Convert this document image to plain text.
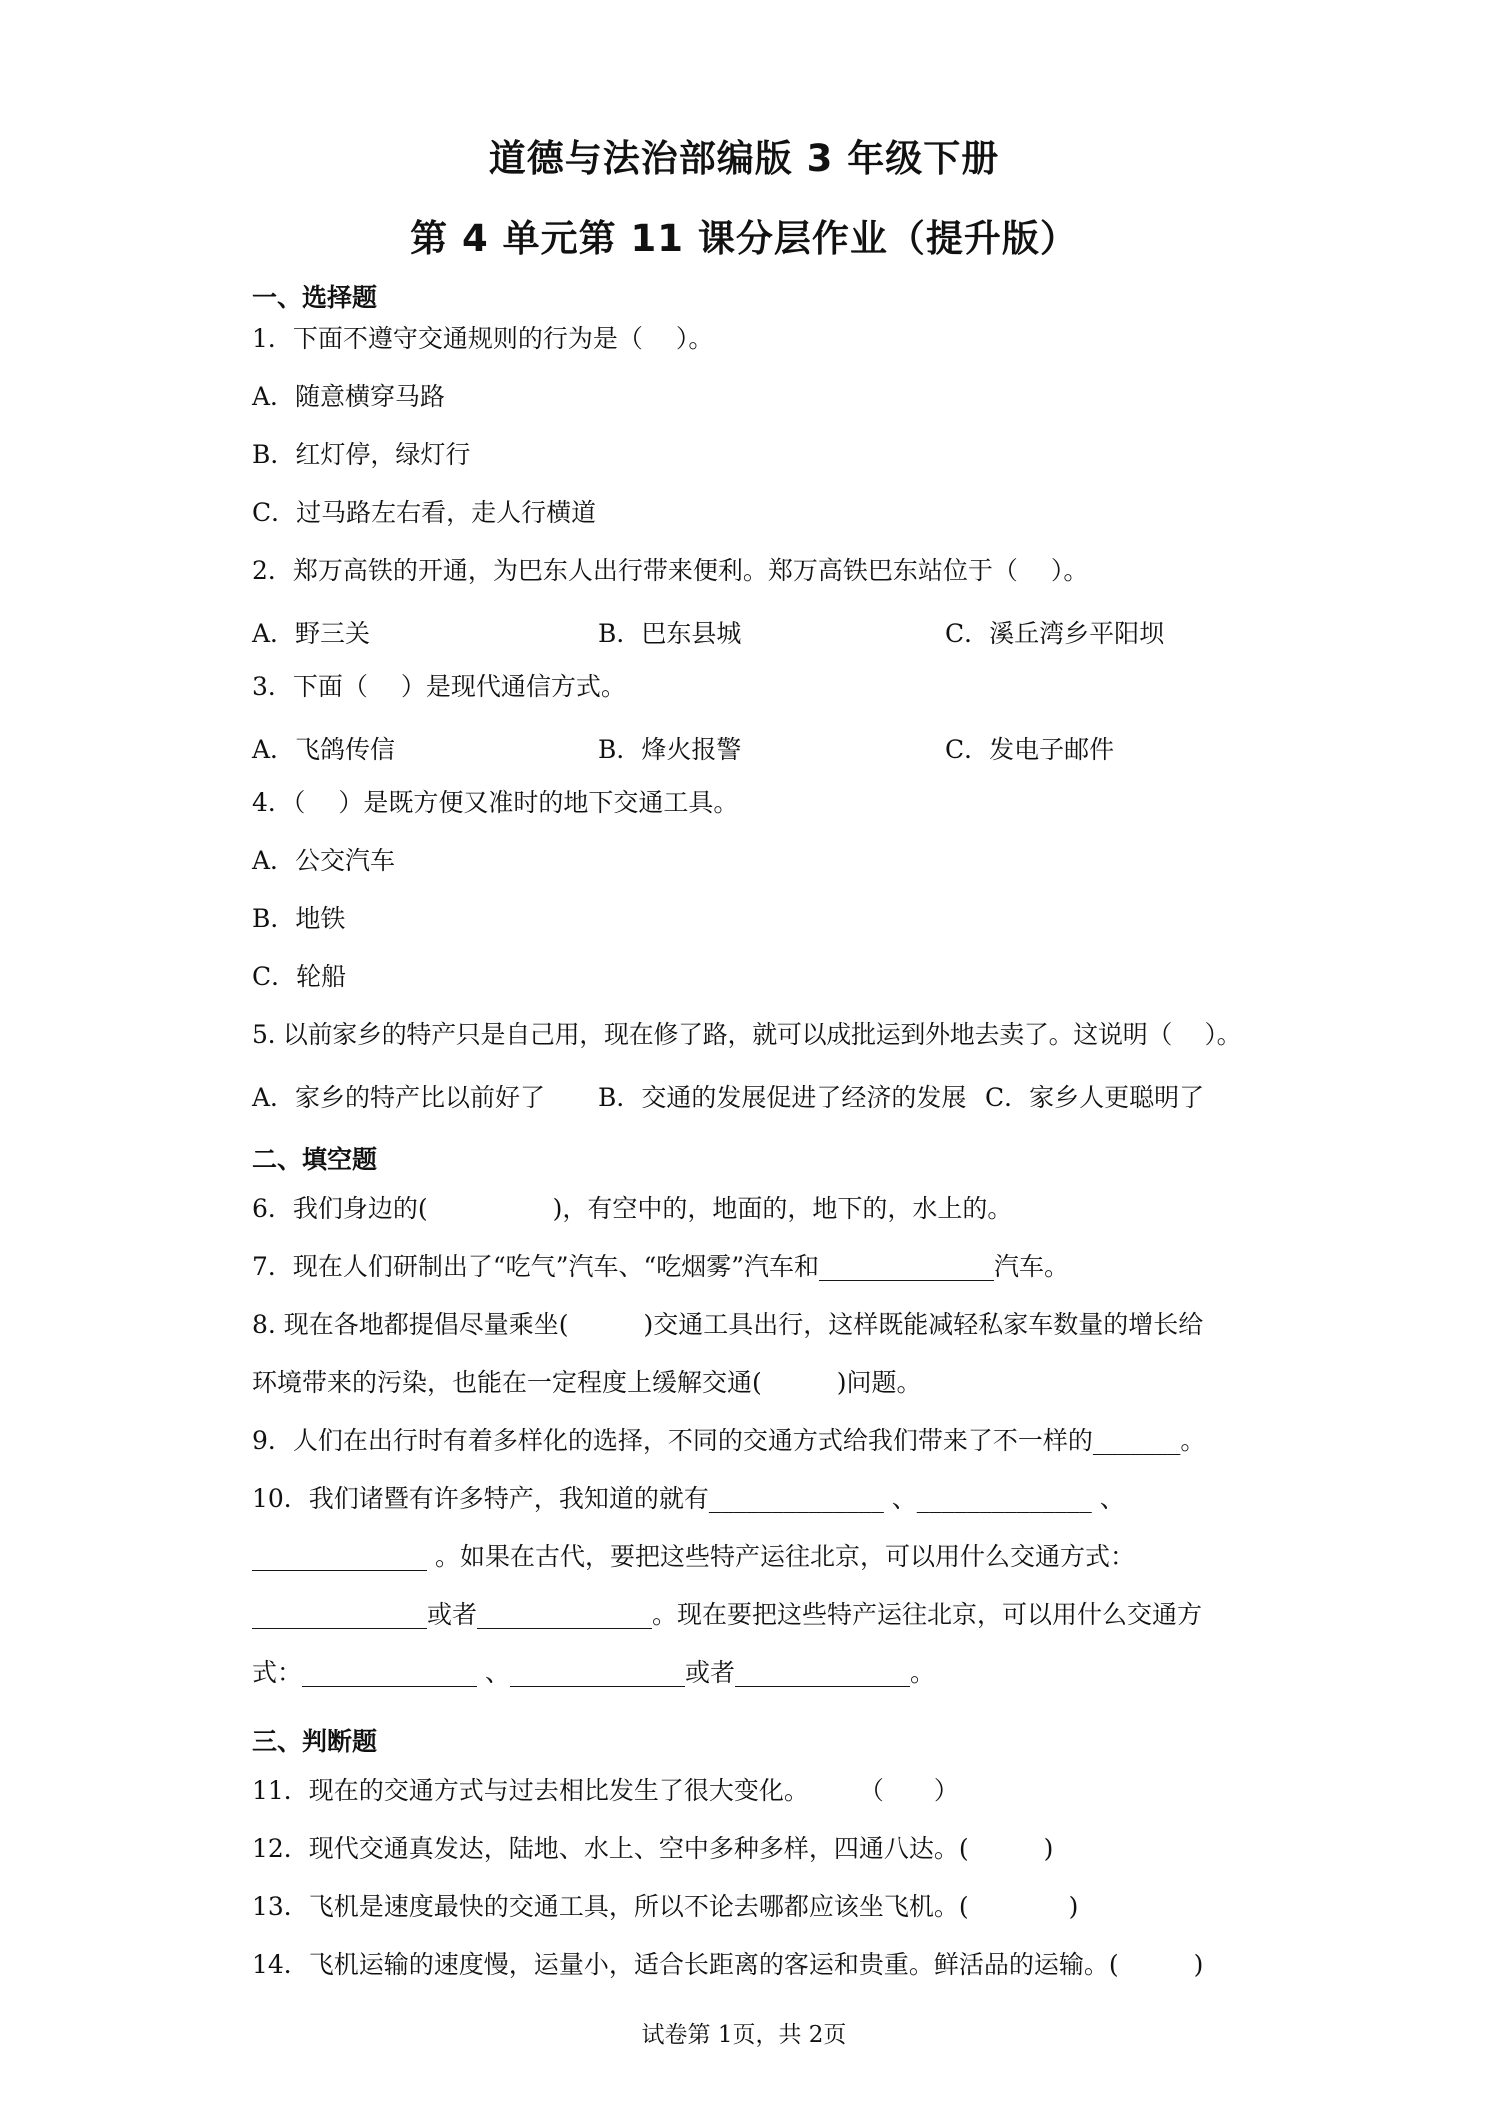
道德与法治部编版 3 年级下册
第 4 单元第 11 课分层作业（提升版）
一、选择题
1．下面不遵守交通规则的行为是（　 ）。
A．随意横穿马路
B．红灯停，绿灯行
C．过马路左右看，走人行横道
2．郑万高铁的开通，为巴东人出行带来便利。郑万高铁巴东站位于（　 ）。
A．野三关	B．巴东县城	C．溪丘湾乡平阳坝
3．下面（　 ）是现代通信方式。
A．飞鸽传信	B．烽火报警	C．发电子邮件
4．（　 ）是既方便又准时的地下交通工具。
A．公交汽车
B．地铁
C．轮船
5. 以前家乡的特产只是自己用，现在修了路，就可以成批运到外地去卖了。这说明（　 ）。
A．家乡的特产比以前好了 B．交通的发展促进了经济的发展 C．家乡人更聪明了
二、填空题
6．我们身边的(　　　　　)，有空中的，地面的，地下的，水上的。
7．现在人们研制出了“吃气”汽车、“吃烟雾”汽车和______________汽车。
8. 现在各地都提倡尽量乘坐(　　　)交通工具出行，这样既能减轻私家车数量的增长给
环境带来的污染，也能在一定程度上缓解交通(　　　)问题。
9．人们在出行时有着多样化的选择，不同的交通方式给我们带来了不一样的_______。
10．我们诸暨有许多特产，我知道的就有______________ 、______________ 、
______________ 。如果在古代，要把这些特产运往北京，可以用什么交通方式：
______________或者______________。现在要把这些特产运往北京，可以用什么交通方
式：______________ 、______________或者______________。
三、判断题
11．现在的交通方式与过去相比发生了很大变化。　　　（　　）
12．现代交通真发达，陆地、水上、空中多种多样，四通八达。(　　　)
13．飞机是速度最快的交通工具，所以不论去哪都应该坐飞机。(　　　　)
14．飞机运输的速度慢，运量小，适合长距离的客运和贵重。鲜活品的运输。(　　　)
试卷第 1页，共 2页
